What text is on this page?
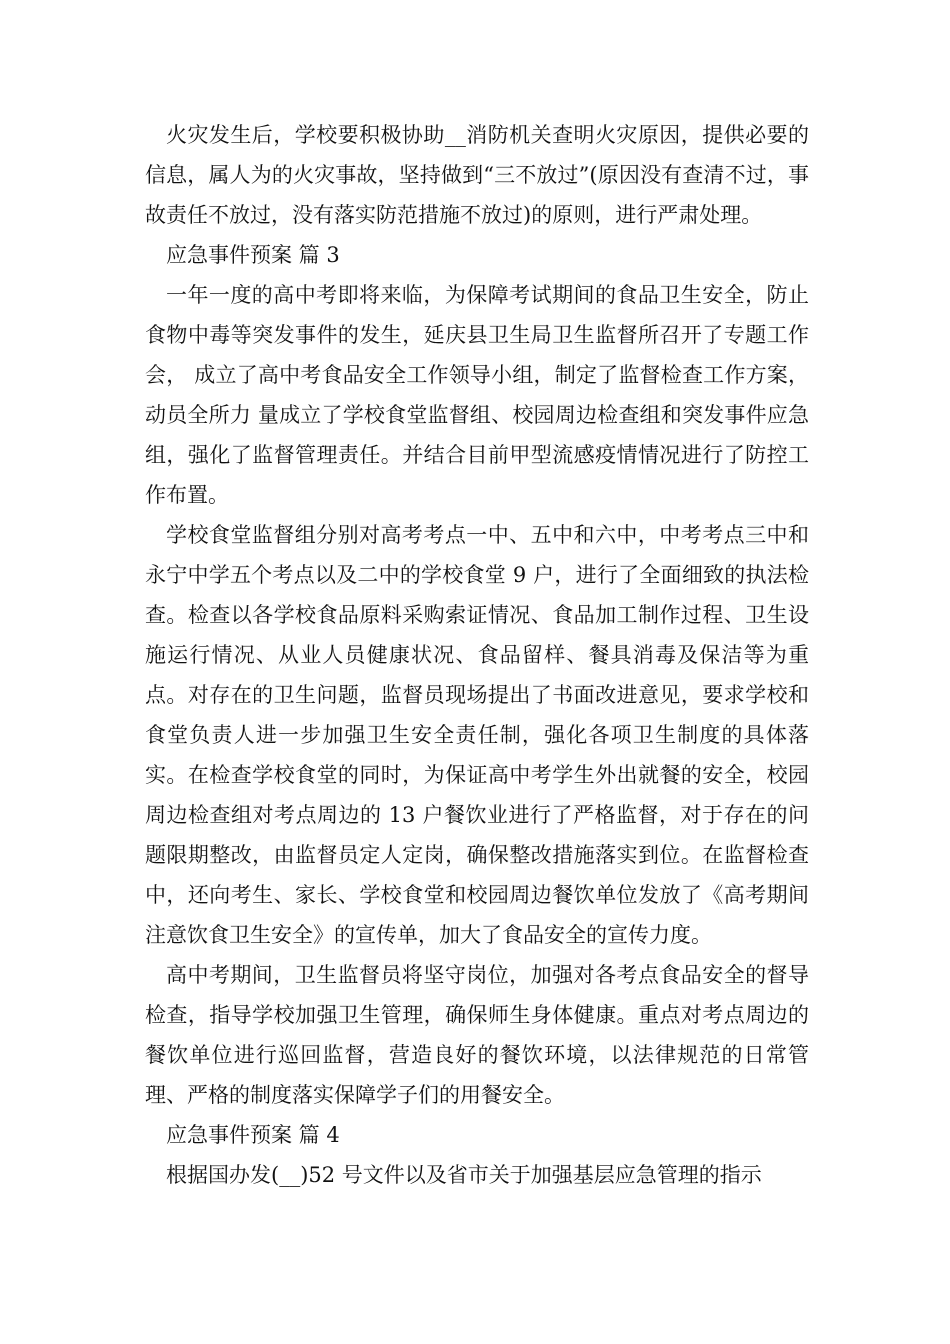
火灾发生后，学校要积极协助__消防机关查明火灾原因，提供必要的信息，属人为的火灾事故，坚持做到“三不放过”(原因没有查清不过，事故责任不放过，没有落实防范措施不放过)的原则，进行严肃处理。

应急事件预案 篇 3

一年一度的高中考即将来临，为保障考试期间的食品卫生安全，防止食物中毒等突发事件的发生，延庆县卫生局卫生监督所召开了专题工作会， 成立了高中考食品安全工作领导小组，制定了监督检查工作方案，动员全所力 量成立了学校食堂监督组、校园周边检查组和突发事件应急组，强化了监督管理责任。并结合目前甲型流感疫情情况进行了防控工作布置。

学校食堂监督组分别对高考考点一中、五中和六中，中考考点三中和永宁中学五个考点以及二中的学校食堂 9 户，进行了全面细致的执法检查。检查以各学校食品原料采购索证情况、食品加工制作过程、卫生设施运行情况、从业人员健康状况、食品留样、餐具消毒及保洁等为重点。对存在的卫生问题，监督员现场提出了书面改进意见，要求学校和食堂负责人进一步加强卫生安全责任制，强化各项卫生制度的具体落实。在检查学校食堂的同时，为保证高中考学生外出就餐的安全，校园周边检查组对考点周边的 13 户餐饮业进行了严格监督，对于存在的问题限期整改，由监督员定人定岗，确保整改措施落实到位。在监督检查中，还向考生、家长、学校食堂和校园周边餐饮单位发放了《高考期间注意饮食卫生安全》的宣传单，加大了食品安全的宣传力度。

高中考期间，卫生监督员将坚守岗位，加强对各考点食品安全的督导检查，指导学校加强卫生管理，确保师生身体健康。重点对考点周边的餐饮单位进行巡回监督，营造良好的餐饮环境，以法律规范的日常管理、严格的制度落实保障学子们的用餐安全。

应急事件预案 篇 4

根据国办发(__)52 号文件以及省市关于加强基层应急管理的指示
